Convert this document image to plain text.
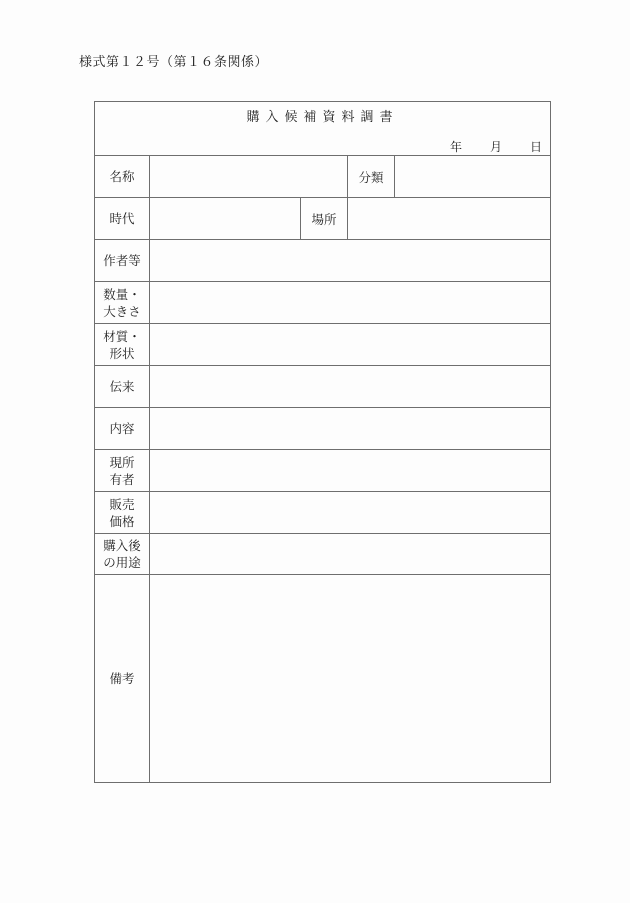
様式第１２号（第１６条関係）
購入候補資料調書
年 月 日
名称	分類
時代	場所
作者等
数量・
大きさ
材質・
形状
伝来
内容
現所
有者
販売
価格
購入後
の用途
備考
